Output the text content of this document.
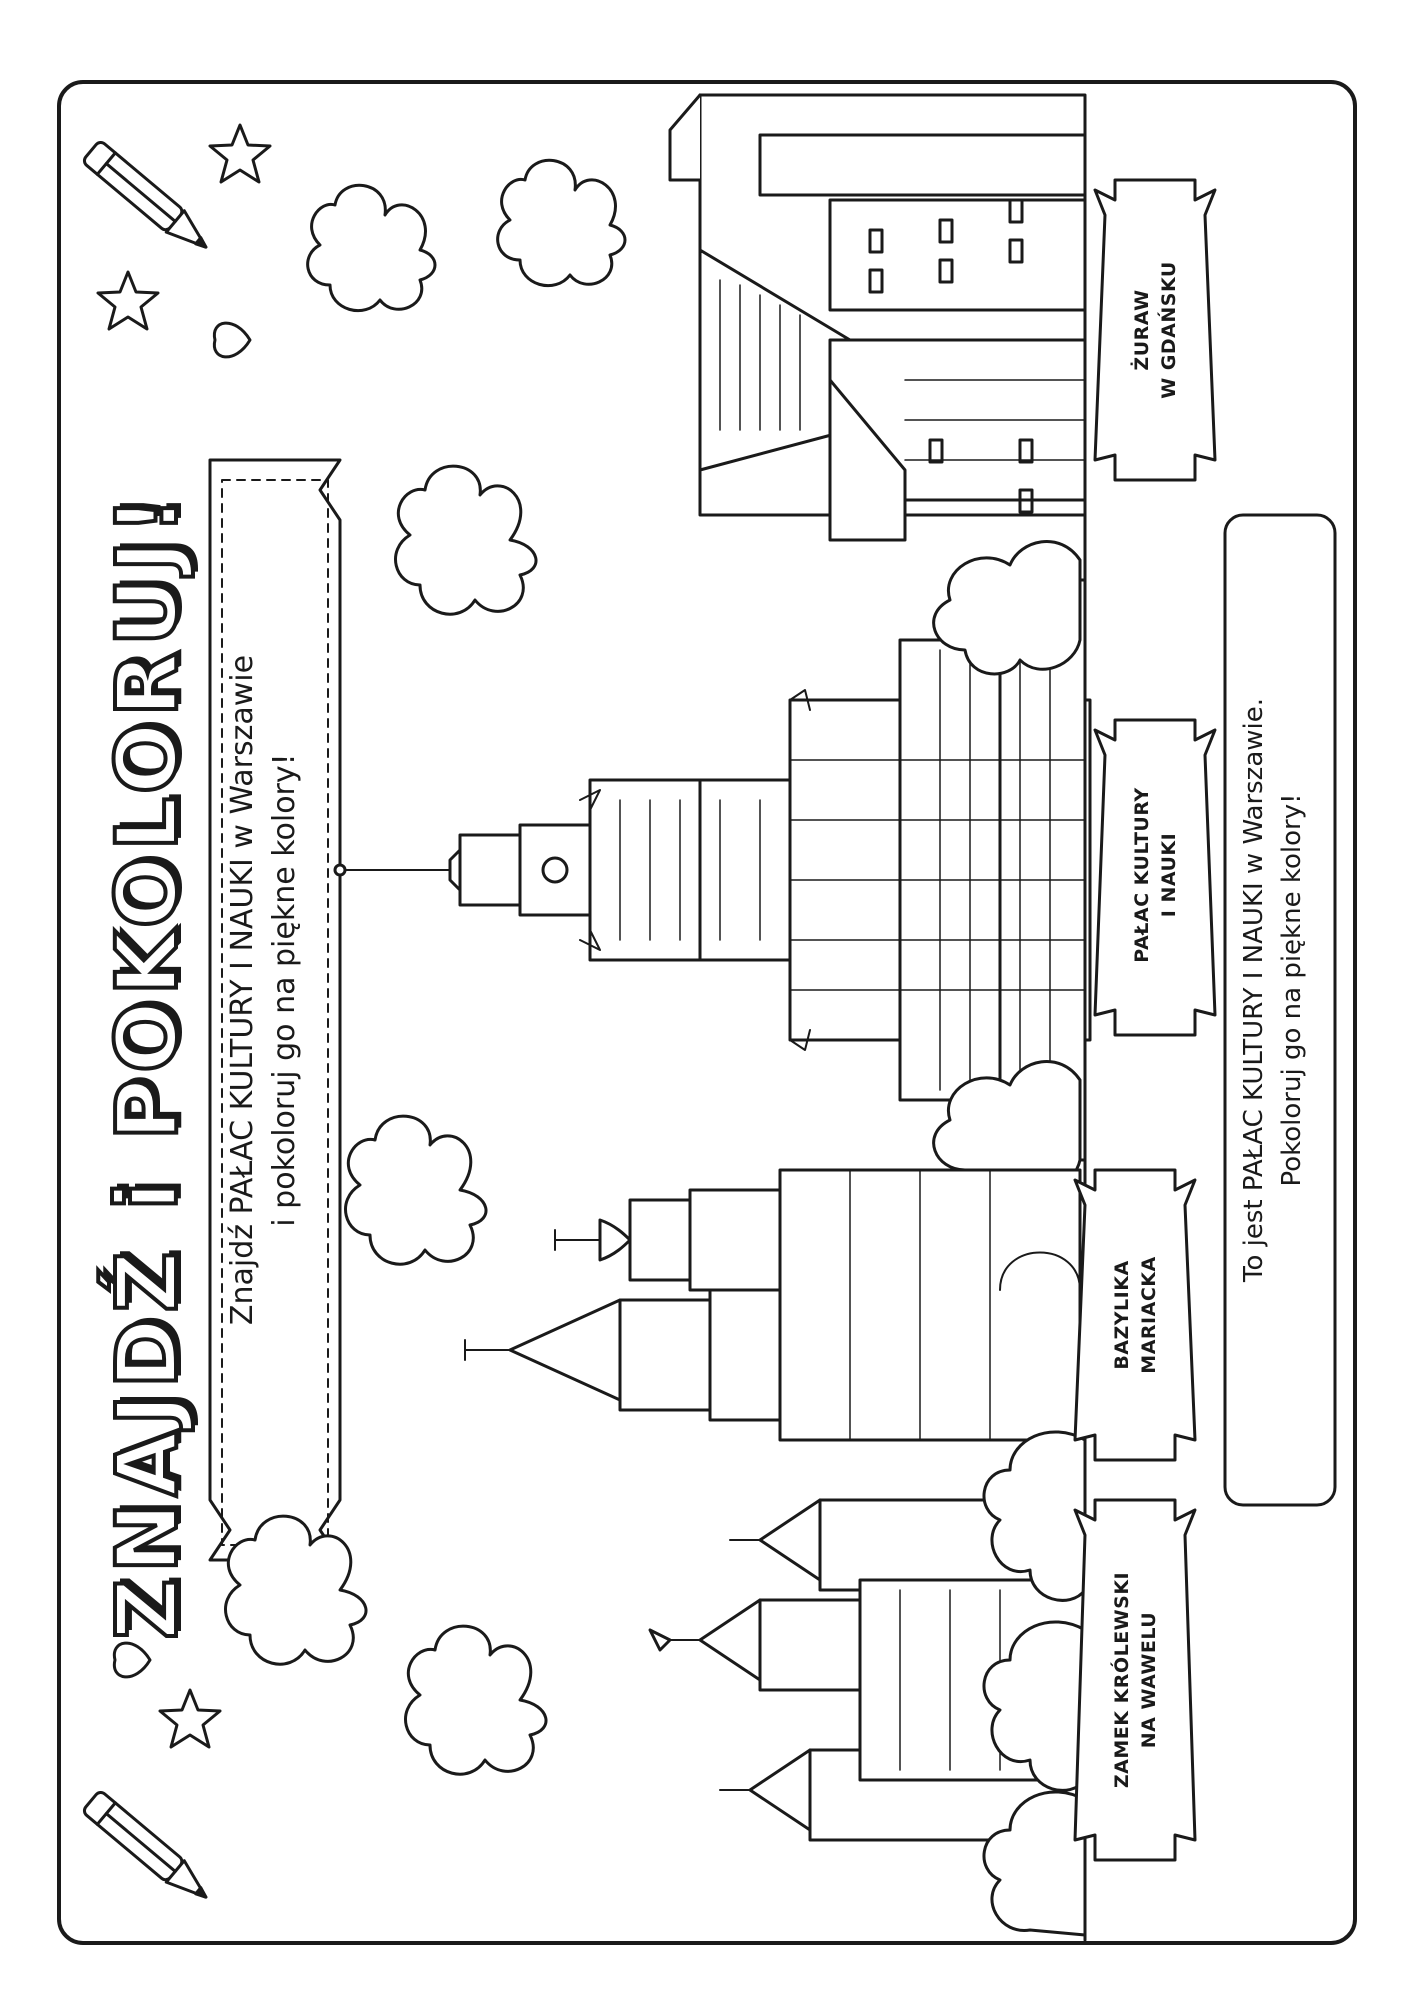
ZNAJDŹ i POKOLORUJ! Znajdź PAŁAC KULTURY I NAUKI w Warszawie i pokoloruj go na piękne kolory!
ŻURAW W GDAŃSKU
PAŁAC KULTURY I NAUKI
BAZYLIKA MARIACKA
ZAMEK KRÓLEWSKI NA WAWELU
To jest PAŁAC KULTURY I NAUKI w Warszawie. Pokoloruj go na piękne kolory!
